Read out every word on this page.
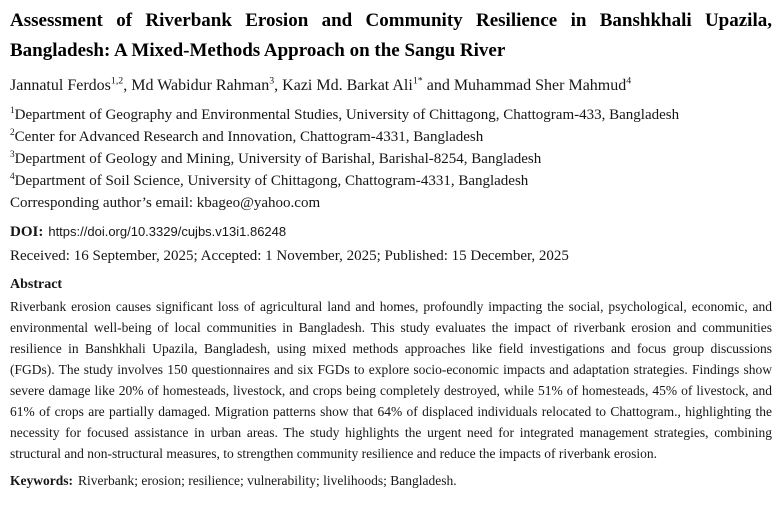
Assessment of Riverbank Erosion and Community Resilience in Banshkhali Upazila, Bangladesh: A Mixed-Methods Approach on the Sangu River

Jannatul Ferdos$^{1,2}$, Md Wabidur Rahman$^3$, Kazi Md. Barkat Ali$^{1*}$ and Muhammad Sher Mahmud$^4$

$^1$Department of Geography and Environmental Studies, University of Chittagong, Chattogram-433, Bangladesh

$^2$Center for Advanced Research and Innovation, Chattogram-4331, Bangladesh

$^3$Department of Geology and Mining, University of Barishal, Barishal-8254, Bangladesh

$^4$Department of Soil Science, University of Chittagong, Chattogram-4331, Bangladesh

Corresponding author’s email: kbageo@yahoo.com

DOI: https://doi.org/10.3329/cujbs.v13i1.86248

Received: 16 September, 2025; Accepted: 1 November, 2025; Published: 15 December, 2025

Abstract

Riverbank erosion causes significant loss of agricultural land and homes, profoundly impacting the social, psychological, economic, and environmental well-being of local communities in Bangladesh. This study evaluates the impact of riverbank erosion and communities resilience in Banshkhali Upazila, Bangladesh, using mixed methods approaches like field investigations and focus group discussions (FGDs). The study involves 150 questionnaires and six FGDs to explore socio-economic impacts and adaptation strategies. Findings show severe damage like 20% of homesteads, livestock, and crops being completely destroyed, while 51% of homesteads, 45% of livestock, and 61% of crops are partially damaged. Migration patterns show that 64% of displaced individuals relocated to Chattogram., highlighting the necessity for focused assistance in urban areas. The study highlights the urgent need for integrated management strategies, combining structural and non-structural measures, to strengthen community resilience and reduce the impacts of riverbank erosion.

Keywords: Riverbank; erosion; resilience; vulnerability; livelihoods; Bangladesh.
